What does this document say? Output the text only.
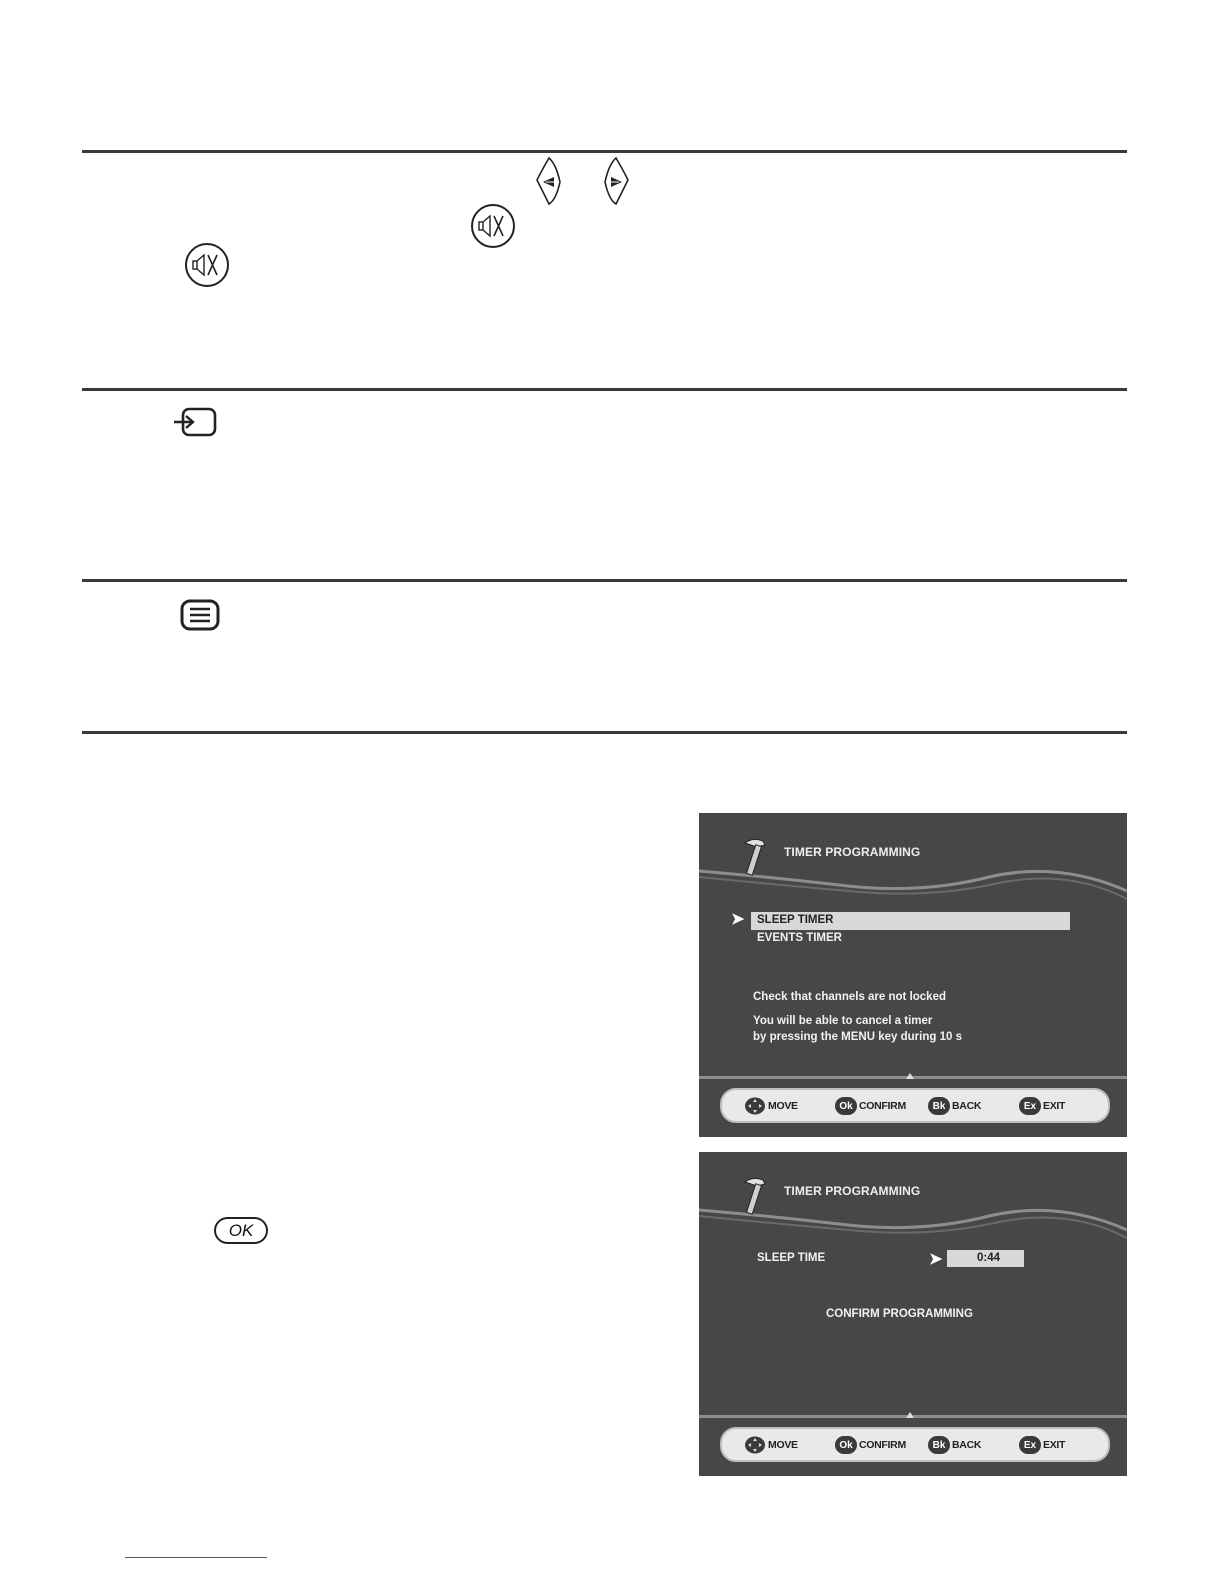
OK
TIMER PROGRAMMING
➤ SLEEP TIMER
EVENTS TIMER
Check that channels are not locked
You will be able to cancel a timer
by pressing the MENU key during 10 s
MOVE	Ok CONFIRM	Bk BACK	Ex EXIT
TIMER PROGRAMMING
SLEEP TIME	➤	0:44
CONFIRM PROGRAMMING
MOVE	Ok CONFIRM	Bk BACK	Ex EXIT
